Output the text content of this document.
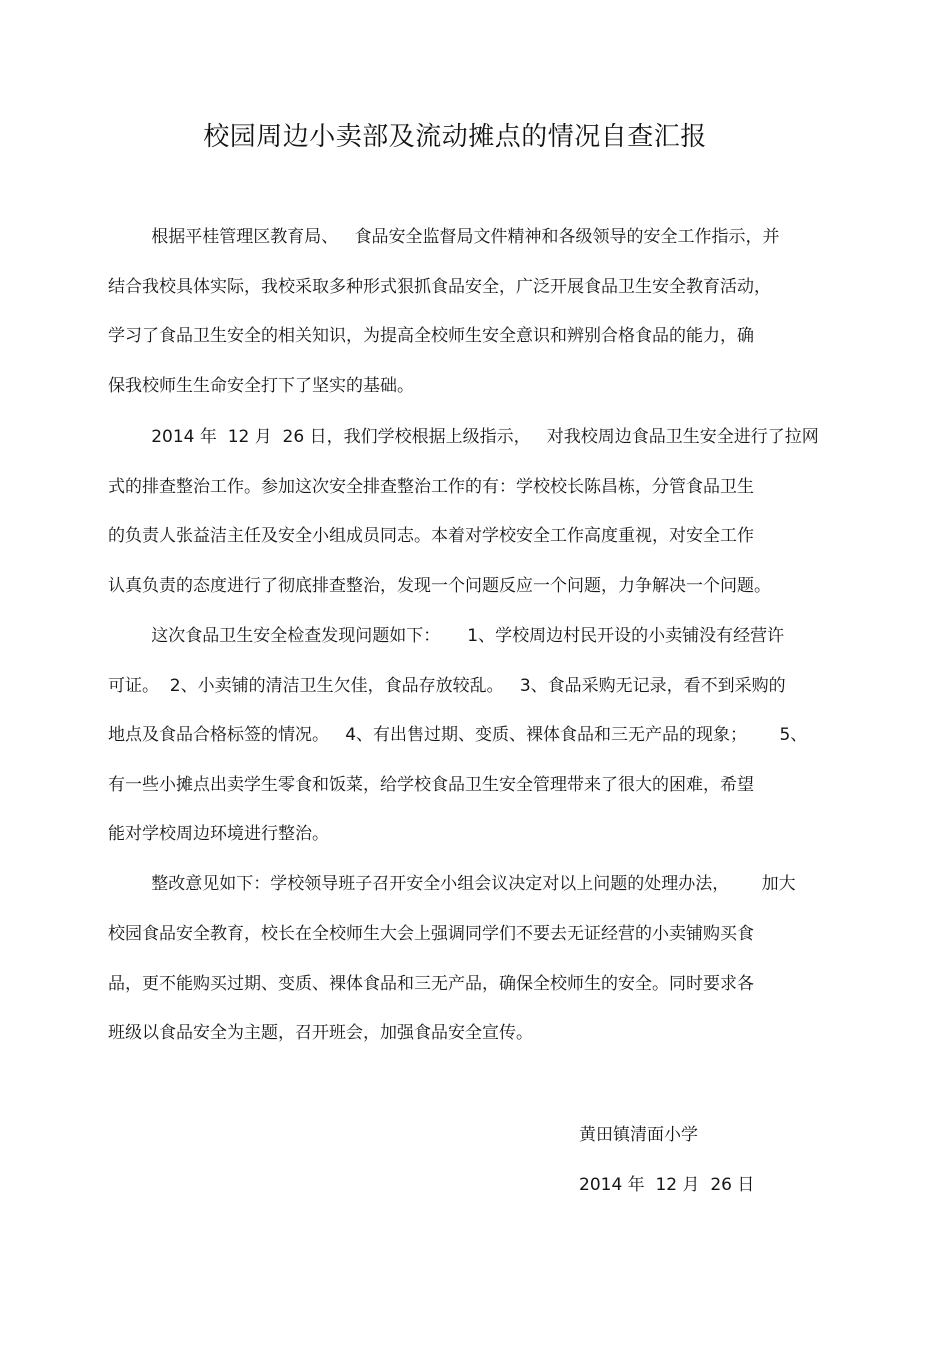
校园周边小卖部及流动摊点的情况自查汇报
根据平桂管理区教育局、   食品安全监督局文件精神和各级领导的安全工作指示，并
结合我校具体实际，我校采取多种形式狠抓食品安全，广泛开展食品卫生安全教育活动，
学习了食品卫生安全的相关知识，为提高全校师生安全意识和辨别合格食品的能力，确
保我校师生生命安全打下了坚实的基础。
2014 年  12 月  26 日，我们学校根据上级指示，   对我校周边食品卫生安全进行了拉网
式的排查整治工作。参加这次安全排查整治工作的有：学校校长陈昌栋，分管食品卫生
的负责人张益洁主任及安全小组成员同志。本着对学校安全工作高度重视，对安全工作
认真负责的态度进行了彻底排查整治，发现一个问题反应一个问题，力争解决一个问题。
这次食品卫生安全检查发现问题如下：     1、学校周边村民开设的小卖铺没有经营许
可证。  2、小卖铺的清洁卫生欠佳，食品存放较乱。   3、食品采购无记录，看不到采购的
地点及食品合格标签的情况。   4、有出售过期、变质、裸体食品和三无产品的现象；      5、
有一些小摊点出卖学生零食和饭菜，给学校食品卫生安全管理带来了很大的困难，希望
能对学校周边环境进行整治。
整改意见如下：学校领导班子召开安全小组会议决定对以上问题的处理办法，      加大
校园食品安全教育，校长在全校师生大会上强调同学们不要去无证经营的小卖铺购买食
品，更不能购买过期、变质、裸体食品和三无产品，确保全校师生的安全。同时要求各
班级以食品安全为主题，召开班会，加强食品安全宣传。
黄田镇清面小学
2014 年  12 月  26 日
